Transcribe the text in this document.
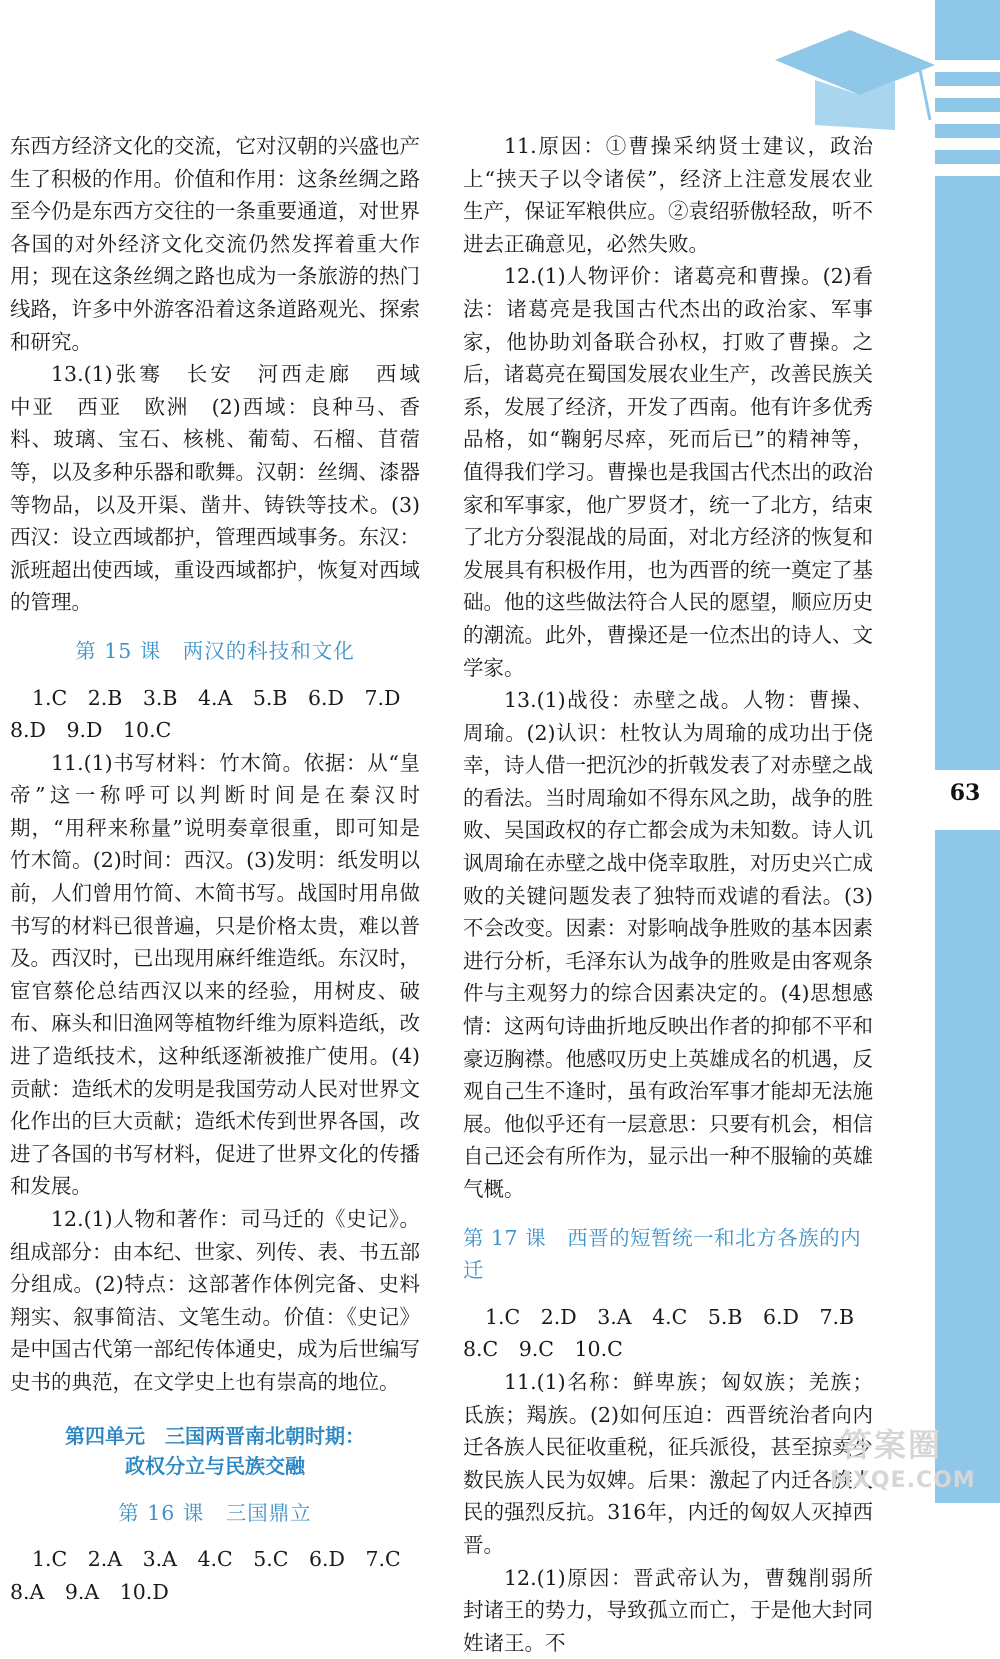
63

东西方经济文化的交流，它对汉朝的兴盛也产生了积极的作用。价值和作用：这条丝绸之路至今仍是东西方交往的一条重要通道，对世界各国的对外经济文化交流仍然发挥着重大作用；现在这条丝绸之路也成为一条旅游的热门线路，许多中外游客沿着这条道路观光、探索和研究。

13.(1)张骞　长安　河西走廊　西域　中亚　西亚　欧洲　(2)西域：良种马、香料、玻璃、宝石、核桃、葡萄、石榴、苜蓿等，以及多种乐器和歌舞。汉朝：丝绸、漆器等物品，以及开渠、凿井、铸铁等技术。(3)西汉：设立西域都护，管理西域事务。东汉：派班超出使西域，重设西域都护，恢复对西域的管理。

第 15 课　两汉的科技和文化

1.C　2.B　3.B　4.A　5.B　6.D　7.D

8.D　9.D　10.C

11.(1)书写材料：竹木简。依据：从“皇帝”这一称呼可以判断时间是在秦汉时期，“用秤来称量”说明奏章很重，即可知是竹木简。(2)时间：西汉。(3)发明：纸发明以前，人们曾用竹简、木简书写。战国时用帛做书写的材料已很普遍，只是价格太贵，难以普及。西汉时，已出现用麻纤维造纸。东汉时，宦官蔡伦总结西汉以来的经验，用树皮、破布、麻头和旧渔网等植物纤维为原料造纸，改进了造纸技术，这种纸逐渐被推广使用。(4)贡献：造纸术的发明是我国劳动人民对世界文化作出的巨大贡献；造纸术传到世界各国，改进了各国的书写材料，促进了世界文化的传播和发展。

12.(1)人物和著作：司马迁的《史记》。组成部分：由本纪、世家、列传、表、书五部分组成。(2)特点：这部著作体例完备、史料翔实、叙事简洁、文笔生动。价值：《史记》是中国古代第一部纪传体通史，成为后世编写史书的典范，在文学史上也有崇高的地位。

第四单元　三国两晋南北朝时期：
政权分立与民族交融
第 16 课　三国鼎立

1.C　2.A　3.A　4.C　5.C　6.D　7.C

8.A　9.A　10.D

11.原因：①曹操采纳贤士建议，政治上“挟天子以令诸侯”，经济上注意发展农业生产，保证军粮供应。②袁绍骄傲轻敌，听不进去正确意见，必然失败。

12.(1)人物评价：诸葛亮和曹操。(2)看法：诸葛亮是我国古代杰出的政治家、军事家，他协助刘备联合孙权，打败了曹操。之后，诸葛亮在蜀国发展农业生产，改善民族关系，发展了经济，开发了西南。他有许多优秀品格，如“鞠躬尽瘁，死而后已”的精神等，值得我们学习。曹操也是我国古代杰出的政治家和军事家，他广罗贤才，统一了北方，结束了北方分裂混战的局面，对北方经济的恢复和发展具有积极作用，也为西晋的统一奠定了基础。他的这些做法符合人民的愿望，顺应历史的潮流。此外，曹操还是一位杰出的诗人、文学家。

13.(1)战役：赤壁之战。人物：曹操、周瑜。(2)认识：杜牧认为周瑜的成功出于侥幸，诗人借一把沉沙的折戟发表了对赤壁之战的看法。当时周瑜如不得东风之助，战争的胜败、吴国政权的存亡都会成为未知数。诗人讥讽周瑜在赤壁之战中侥幸取胜，对历史兴亡成败的关键问题发表了独特而戏谑的看法。(3)不会改变。因素：对影响战争胜败的基本因素进行分析，毛泽东认为战争的胜败是由客观条件与主观努力的综合因素决定的。(4)思想感情：这两句诗曲折地反映出作者的抑郁不平和豪迈胸襟。他感叹历史上英雄成名的机遇，反观自己生不逢时，虽有政治军事才能却无法施展。他似乎还有一层意思：只要有机会，相信自己还会有所作为，显示出一种不服输的英雄气概。

第 17 课　西晋的短暂统一和北方各族的内迁

1.C　2.D　3.A　4.C　5.B　6.D　7.B

8.C　9.C　10.C

11.(1)名称：鲜卑族；匈奴族；羌族；氐族；羯族。(2)如何压迫：西晋统治者向内迁各族人民征收重税，征兵派役，甚至掠卖少数民族人民为奴婢。后果：激起了内迁各族人民的强烈反抗。316年，内迁的匈奴人灭掉西晋。

12.(1)原因：晋武帝认为，曹魏削弱所封诸王的势力，导致孤立而亡，于是他大封同姓诸王。不

答案圈
MXQE.COM
